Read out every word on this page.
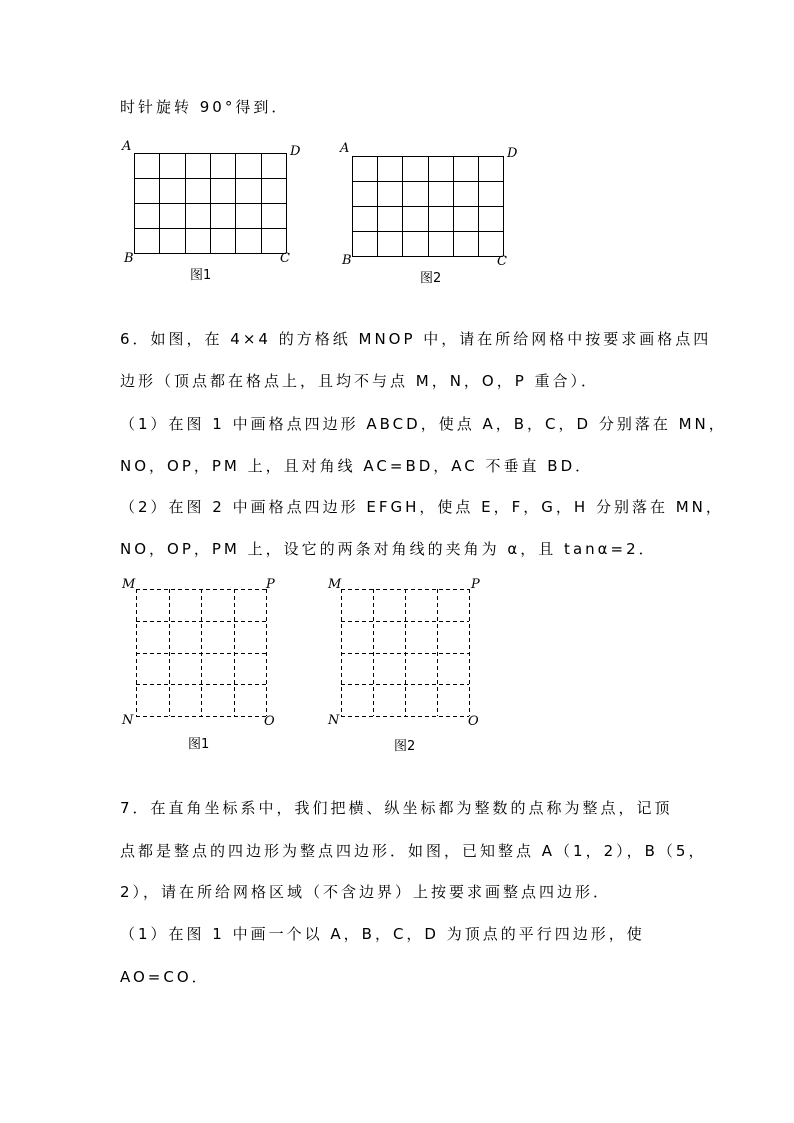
时针旋转 90°得到．
A	D
B	C
图1
A	D
B	C
图2
6．如图，在 4×4 的方格纸 MNOP 中，请在所给网格中按要求画格点四
边形（顶点都在格点上，且均不与点 M，N，O，P 重合）．
（1）在图 1 中画格点四边形 ABCD，使点 A，B，C，D 分别落在 MN，
NO，OP，PM 上，且对角线 AC=BD，AC 不垂直 BD．
（2）在图 2 中画格点四边形 EFGH，使点 E，F，G，H 分别落在 MN，
NO，OP，PM 上，设它的两条对角线的夹角为 α，且 tanα=2．
M	P
N	O
图1
M	P
N	O
图2
7．在直角坐标系中，我们把横、纵坐标都为整数的点称为整点，记顶
点都是整点的四边形为整点四边形．如图，已知整点 A（1，2），B（5，
2），请在所给网格区域（不含边界）上按要求画整点四边形．
（1）在图 1 中画一个以 A，B，C，D 为顶点的平行四边形，使
AO=CO．
